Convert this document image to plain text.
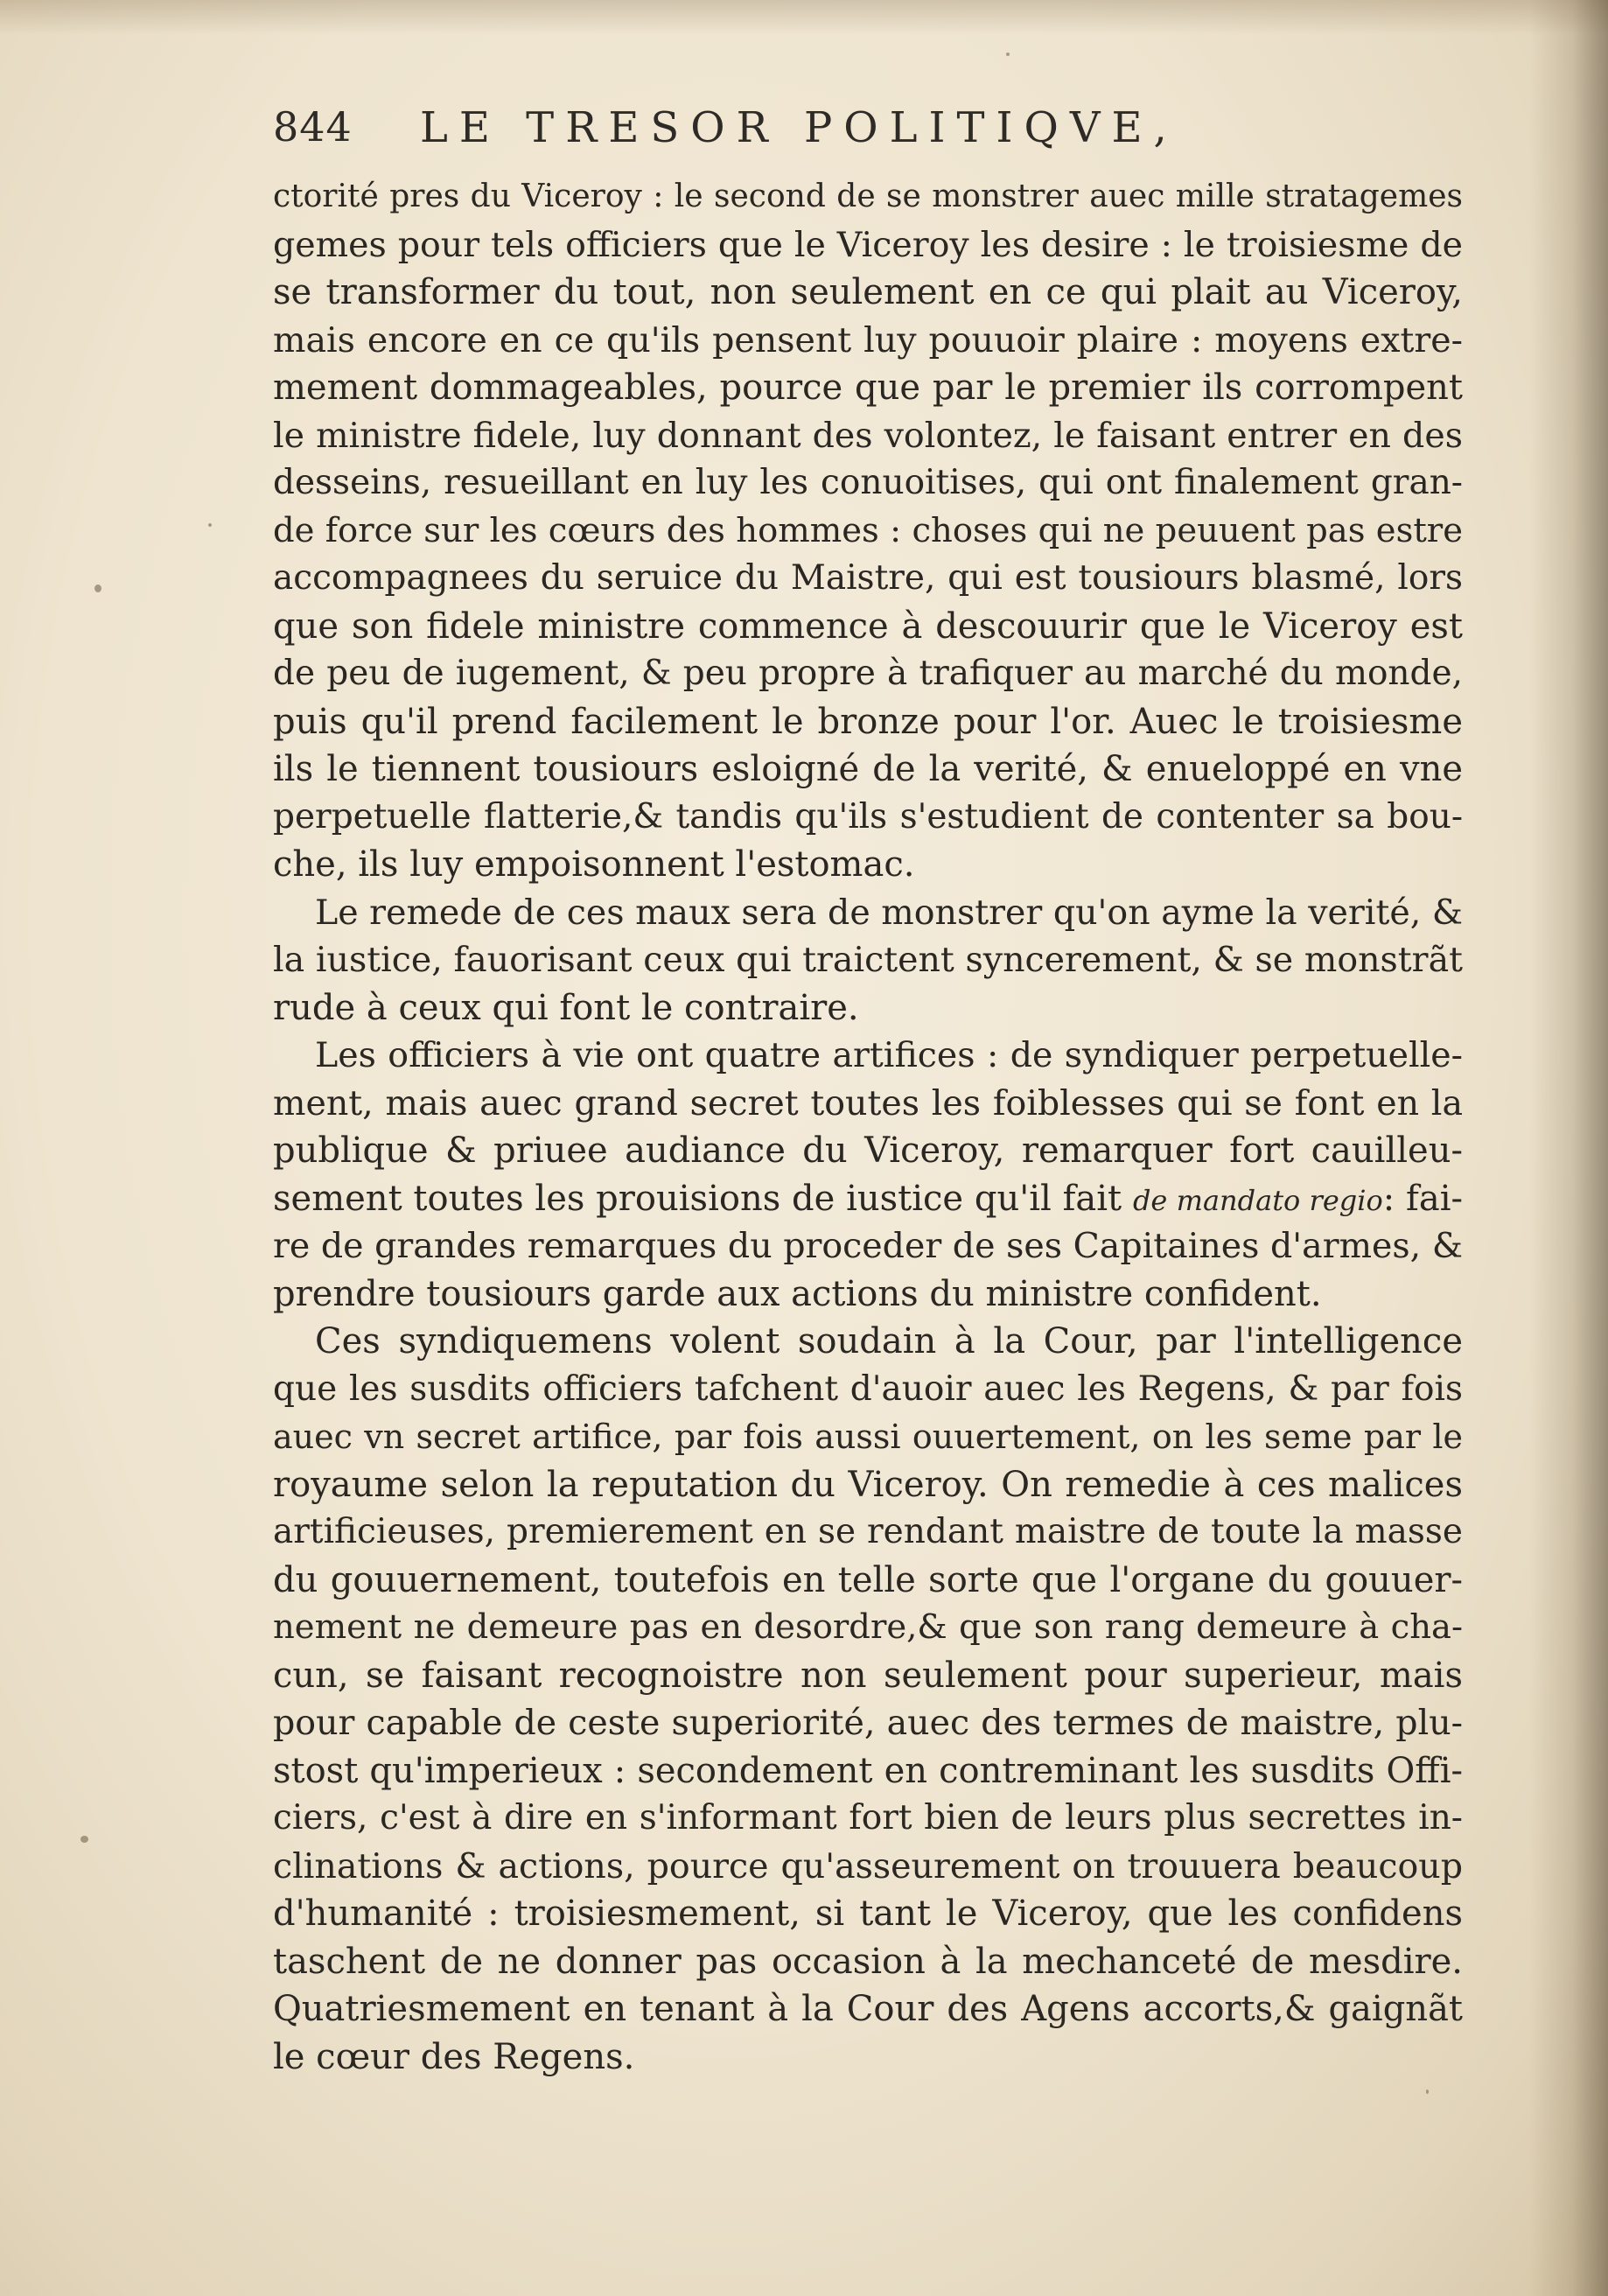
844 LE TRESOR POLITIQVE,
ctorité pres du Viceroy : le second de se monstrer auec mille stratagemes
gemes pour tels officiers que le Viceroy les desire : le troisiesme de
se transformer du tout, non seulement en ce qui plait au Viceroy,
mais encore en ce qu'ils pensent luy pouuoir plaire : moyens extre-
mement dommageables, pource que par le premier ils corrompent
le ministre fidele, luy donnant des volontez, le faisant entrer en des
desseins, resueillant en luy les conuoitises, qui ont finalement gran-
de force sur les cœurs des hommes : choses qui ne peuuent pas estre
accompagnees du seruice du Maistre, qui est tousiours blasmé, lors
que son fidele ministre commence à descouurir que le Viceroy est
de peu de iugement, & peu propre à trafiquer au marché du monde,
puis qu'il prend facilement le bronze pour l'or. Auec le troisiesme
ils le tiennent tousiours esloigné de la verité, & enueloppé en vne
perpetuelle flatterie,& tandis qu'ils s'estudient de contenter sa bou-
che, ils luy empoisonnent l'estomac.
Le remede de ces maux sera de monstrer qu'on ayme la verité, &
la iustice, fauorisant ceux qui traictent syncerement, & se monstrãt
rude à ceux qui font le contraire.
Les officiers à vie ont quatre artifices : de syndiquer perpetuelle-
ment, mais auec grand secret toutes les foiblesses qui se font en la
publique & priuee audiance du Viceroy, remarquer fort cauilleu-
sement toutes les prouisions de iustice qu'il fait de mandato regio: fai-
re de grandes remarques du proceder de ses Capitaines d'armes, &
prendre tousiours garde aux actions du ministre confident.
Ces syndiquemens volent soudain à la Cour, par l'intelligence
que les susdits officiers tafchent d'auoir auec les Regens, & par fois
auec vn secret artifice, par fois aussi ouuertement, on les seme par le
royaume selon la reputation du Viceroy. On remedie à ces malices
artificieuses, premierement en se rendant maistre de toute la masse
du gouuernement, toutefois en telle sorte que l'organe du gouuer-
nement ne demeure pas en desordre,& que son rang demeure à cha-
cun, se faisant recognoistre non seulement pour superieur, mais
pour capable de ceste superiorité, auec des termes de maistre, plu-
stost qu'imperieux : secondement en contreminant les susdits Offi-
ciers, c'est à dire en s'informant fort bien de leurs plus secrettes in-
clinations & actions, pource qu'asseurement on trouuera beaucoup
d'humanité : troisiesmement, si tant le Viceroy, que les confidens
taschent de ne donner pas occasion à la mechanceté de mesdire.
Quatriesmement en tenant à la Cour des Agens accorts,& gaignãt
le cœur des Regens.
